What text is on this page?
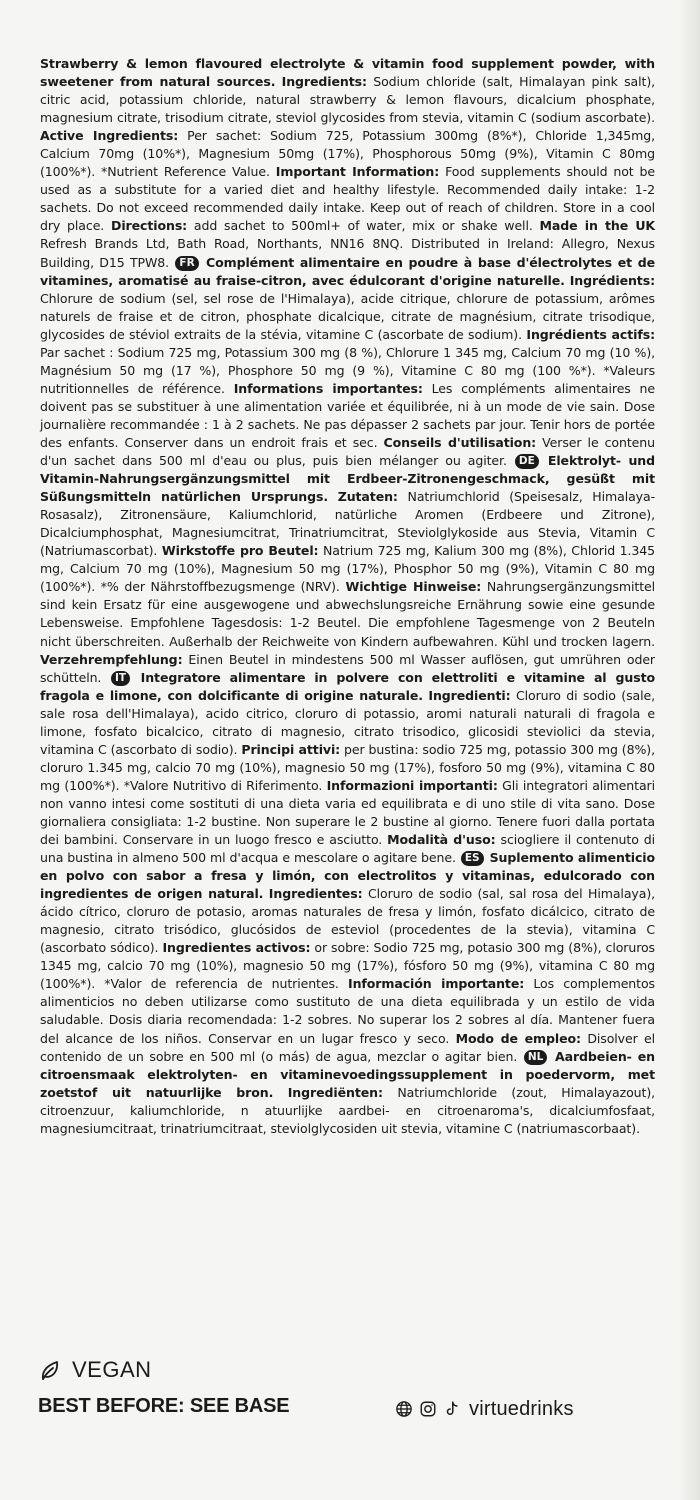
Strawberry & lemon flavoured electrolyte & vitamin food supplement powder, with sweetener from natural sources. Ingredients: Sodium chloride (salt, Himalayan pink salt), citric acid, potassium chloride, natural strawberry & lemon flavours, dicalcium phosphate, magnesium citrate, trisodium citrate, steviol glycosides from stevia, vitamin C (sodium ascorbate). Active Ingredients: Per sachet: Sodium 725, Potassium 300mg (8%*), Chloride 1,345mg, Calcium 70mg (10%*), Magnesium 50mg (17%), Phosphorous 50mg (9%), Vitamin C 80mg (100%*). *Nutrient Reference Value. Important Information: Food supplements should not be used as a substitute for a varied diet and healthy lifestyle. Recommended daily intake: 1-2 sachets. Do not exceed recommended daily intake. Keep out of reach of children. Store in a cool dry place. Directions: add sachet to 500ml+ of water, mix or shake well. Made in the UK Refresh Brands Ltd, Bath Road, Northants, NN16 8NQ. Distributed in Ireland: Allegro, Nexus Building, D15 TPW8. FR Complément alimentaire en poudre à base d'électrolytes et de vitamines, aromatisé au fraise-citron, avec édulcorant d'origine naturelle. Ingrédients: Chlorure de sodium (sel, sel rose de l'Himalaya), acide citrique, chlorure de potassium, arômes naturels de fraise et de citron, phosphate dicalcique, citrate de magnésium, citrate trisodique, glycosides de stéviol extraits de la stévia, vitamine C (ascorbate de sodium). Ingrédients actifs: Par sachet : Sodium 725 mg, Potassium 300 mg (8 %), Chlorure 1 345 mg, Calcium 70 mg (10 %), Magnésium 50 mg (17 %), Phosphore 50 mg (9 %), Vitamine C 80 mg (100 %*). *Valeurs nutritionnelles de référence. Informations importantes: Les compléments alimentaires ne doivent pas se substituer à une alimentation variée et équilibrée, ni à un mode de vie sain. Dose journalière recommandée : 1 à 2 sachets. Ne pas dépasser 2 sachets par jour. Tenir hors de portée des enfants. Conserver dans un endroit frais et sec. Conseils d'utilisation: Verser le contenu d'un sachet dans 500 ml d'eau ou plus, puis bien mélanger ou agiter. DE Elektrolyt- und Vitamin-Nahrungsergänzungsmittel mit Erdbeer-Zitronengeschmack, gesüßt mit Süßungsmitteln natürlichen Ursprungs. Zutaten: Natriumchlorid (Speisesalz, Himalaya-Rosasalz), Zitronensäure, Kaliumchlorid, natürliche Aromen (Erdbeere und Zitrone), Dicalciumphosphat, Magnesiumcitrat, Trinatriumcitrat, Steviolglykoside aus Stevia, Vitamin C (Natriumascorbat). Wirkstoffe pro Beutel: Natrium 725 mg, Kalium 300 mg (8%), Chlorid 1.345 mg, Calcium 70 mg (10%), Magnesium 50 mg (17%), Phosphor 50 mg (9%), Vitamin C 80 mg (100%*). *% der Nährstoffbezugsmenge (NRV). Wichtige Hinweise: Nahrungsergänzungsmittel sind kein Ersatz für eine ausgewogene und abwechslungsreiche Ernährung sowie eine gesunde Lebensweise. Empfohlene Tagesdosis: 1-2 Beutel. Die empfohlene Tagesmenge von 2 Beuteln nicht überschreiten. Außerhalb der Reichweite von Kindern aufbewahren. Kühl und trocken lagern. Verzehrempfehlung: Einen Beutel in mindestens 500 ml Wasser auflösen, gut umrühren oder schütteln. IT Integratore alimentare in polvere con elettroliti e vitamine al gusto fragola e limone, con dolcificante di origine naturale. Ingredienti: Cloruro di sodio (sale, sale rosa dell'Himalaya), acido citrico, cloruro di potassio, aromi naturali naturali di fragola e limone, fosfato bicalcico, citrato di magnesio, citrato trisodico, glicosidi steviolici da stevia, vitamina C (ascorbato di sodio). Principi attivi: per bustina: sodio 725 mg, potassio 300 mg (8%), cloruro 1.345 mg, calcio 70 mg (10%), magnesio 50 mg (17%), fosforo 50 mg (9%), vitamina C 80 mg (100%*). *Valore Nutritivo di Riferimento. Informazioni importanti: Gli integratori alimentari non vanno intesi come sostituti di una dieta varia ed equilibrata e di uno stile di vita sano. Dose giornaliera consigliata: 1-2 bustine. Non superare le 2 bustine al giorno. Tenere fuori dalla portata dei bambini. Conservare in un luogo fresco e asciutto. Modalità d'uso: sciogliere il contenuto di una bustina in almeno 500 ml d'acqua e mescolare o agitare bene. ES Suplemento alimenticio en polvo con sabor a fresa y limón, con electrolitos y vitaminas, edulcorado con ingredientes de origen natural. Ingredientes: Cloruro de sodio (sal, sal rosa del Himalaya), ácido cítrico, cloruro de potasio, aromas naturales de fresa y limón, fosfato dicálcico, citrato de magnesio, citrato trisódico, glucósidos de esteviol (procedentes de la stevia), vitamina C (ascorbato sódico). Ingredientes activos: or sobre: Sodio 725 mg, potasio 300 mg (8%), cloruros 1345 mg, calcio 70 mg (10%), magnesio 50 mg (17%), fósforo 50 mg (9%), vitamina C 80 mg (100%*). *Valor de referencia de nutrientes. Información importante: Los complementos alimenticios no deben utilizarse como sustituto de una dieta equilibrada y un estilo de vida saludable. Dosis diaria recomendada: 1-2 sobres. No superar los 2 sobres al día. Mantener fuera del alcance de los niños. Conservar en un lugar fresco y seco. Modo de empleo: Disolver el contenido de un sobre en 500 ml (o más) de agua, mezclar o agitar bien. NL Aardbeien- en citroensmaak elektrolyten- en vitaminevoedingssupplement in poedervorm, met zoetstof uit natuurlijke bron. Ingrediënten: Natriumchloride (zout, Himalayazout), citroenzuur, kaliumchloride, n atuurlijke aardbei- en citroenaroma's, dicalciumfosfaat, magnesiumcitraat, trinatriumcitraat, steviolglycosiden uit stevia, vitamine C (natriumascorbaat).
VEGAN
BEST BEFORE: SEE BASE	virtuedrinks
